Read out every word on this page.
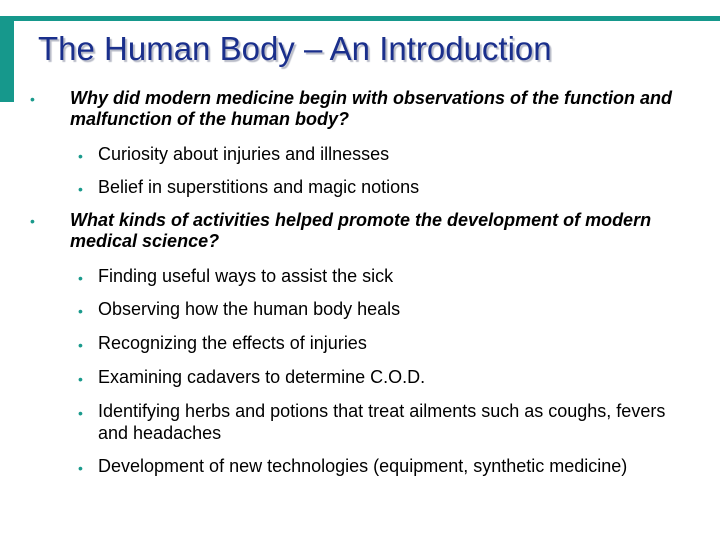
The Human Body – An Introduction
•	Why did modern medicine begin with observations of the function and malfunction of the human body?
• Curiosity about injuries and illnesses
• Belief in superstitions and magic notions
•	What kinds of activities helped promote the development of modern medical science?
• Finding useful ways to assist the sick
• Observing how the human body heals
• Recognizing the effects of injuries
• Examining cadavers to determine C.O.D.
• Identifying herbs and potions that treat ailments such as coughs, fevers and headaches
• Development of new technologies (equipment, synthetic medicine)
